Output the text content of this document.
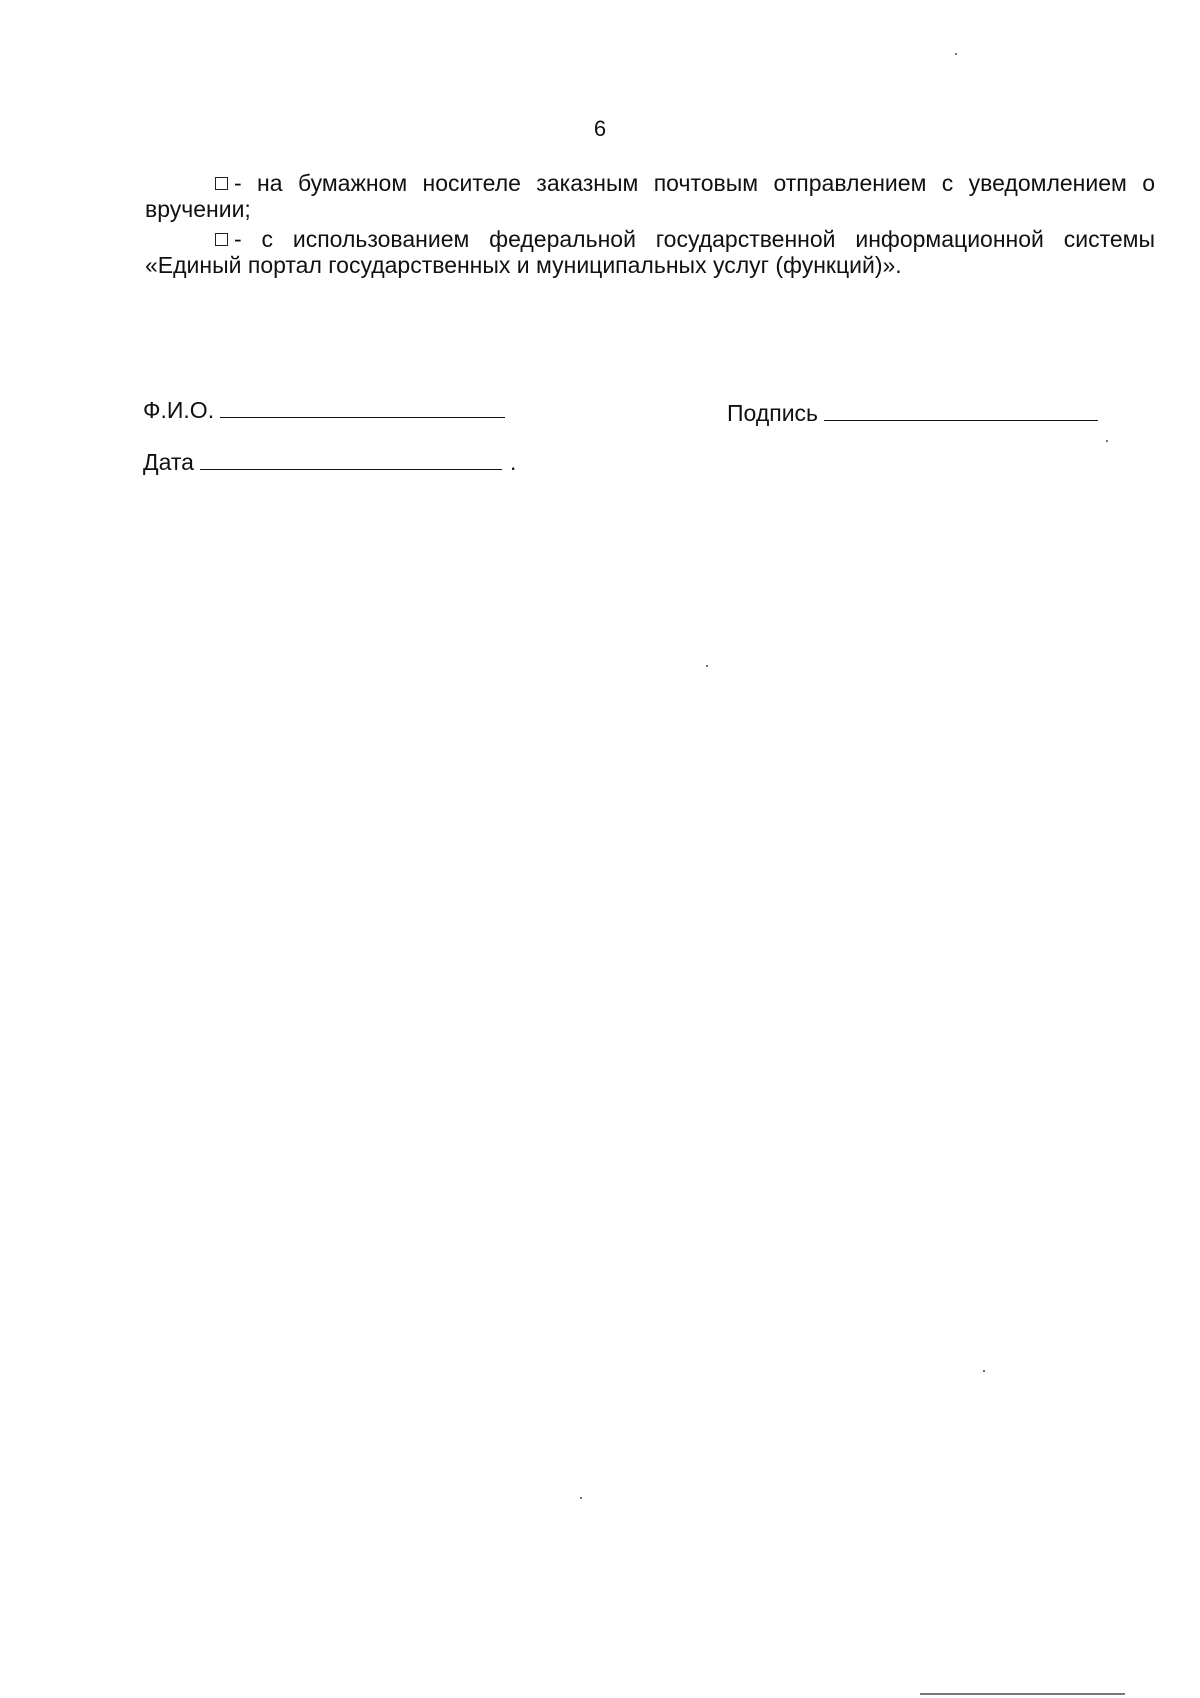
6

- на бумажном носителе заказным почтовым отправлением с уведомлением о вручении;

- с использованием федеральной государственной информационной системы «Единый портал государственных и муниципальных услуг (функций)».

Ф.И.О.	Подпись
Дата	.
